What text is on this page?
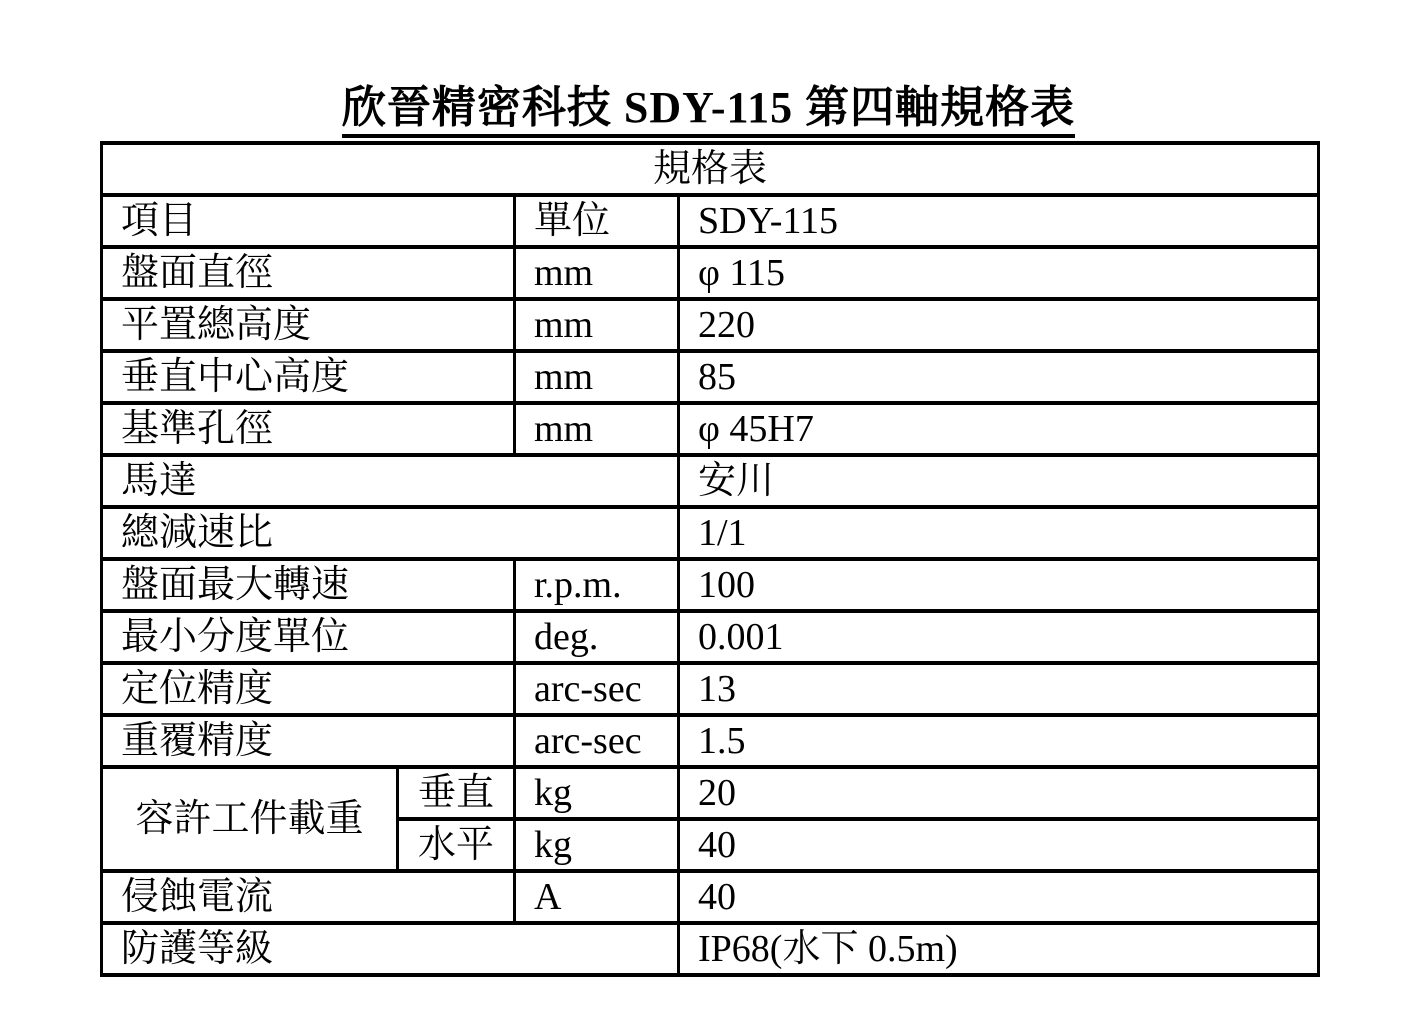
欣晉精密科技 SDY-115 第四軸規格表
規格表			
項目		單位	SDY-115
盤面直徑		mm	φ 115
平置總高度		mm	220
垂直中心高度		mm	85
基準孔徑		mm	φ 45H7
馬達			安川
總減速比			1/1
盤面最大轉速		r.p.m.	100
最小分度單位		deg.	0.001
定位精度		arc-sec	13
重覆精度		arc-sec	1.5
容許工件載重	垂直	kg	20
	水平	kg	40
侵蝕電流		A	40
防護等級			IP68(水下 0.5m)
